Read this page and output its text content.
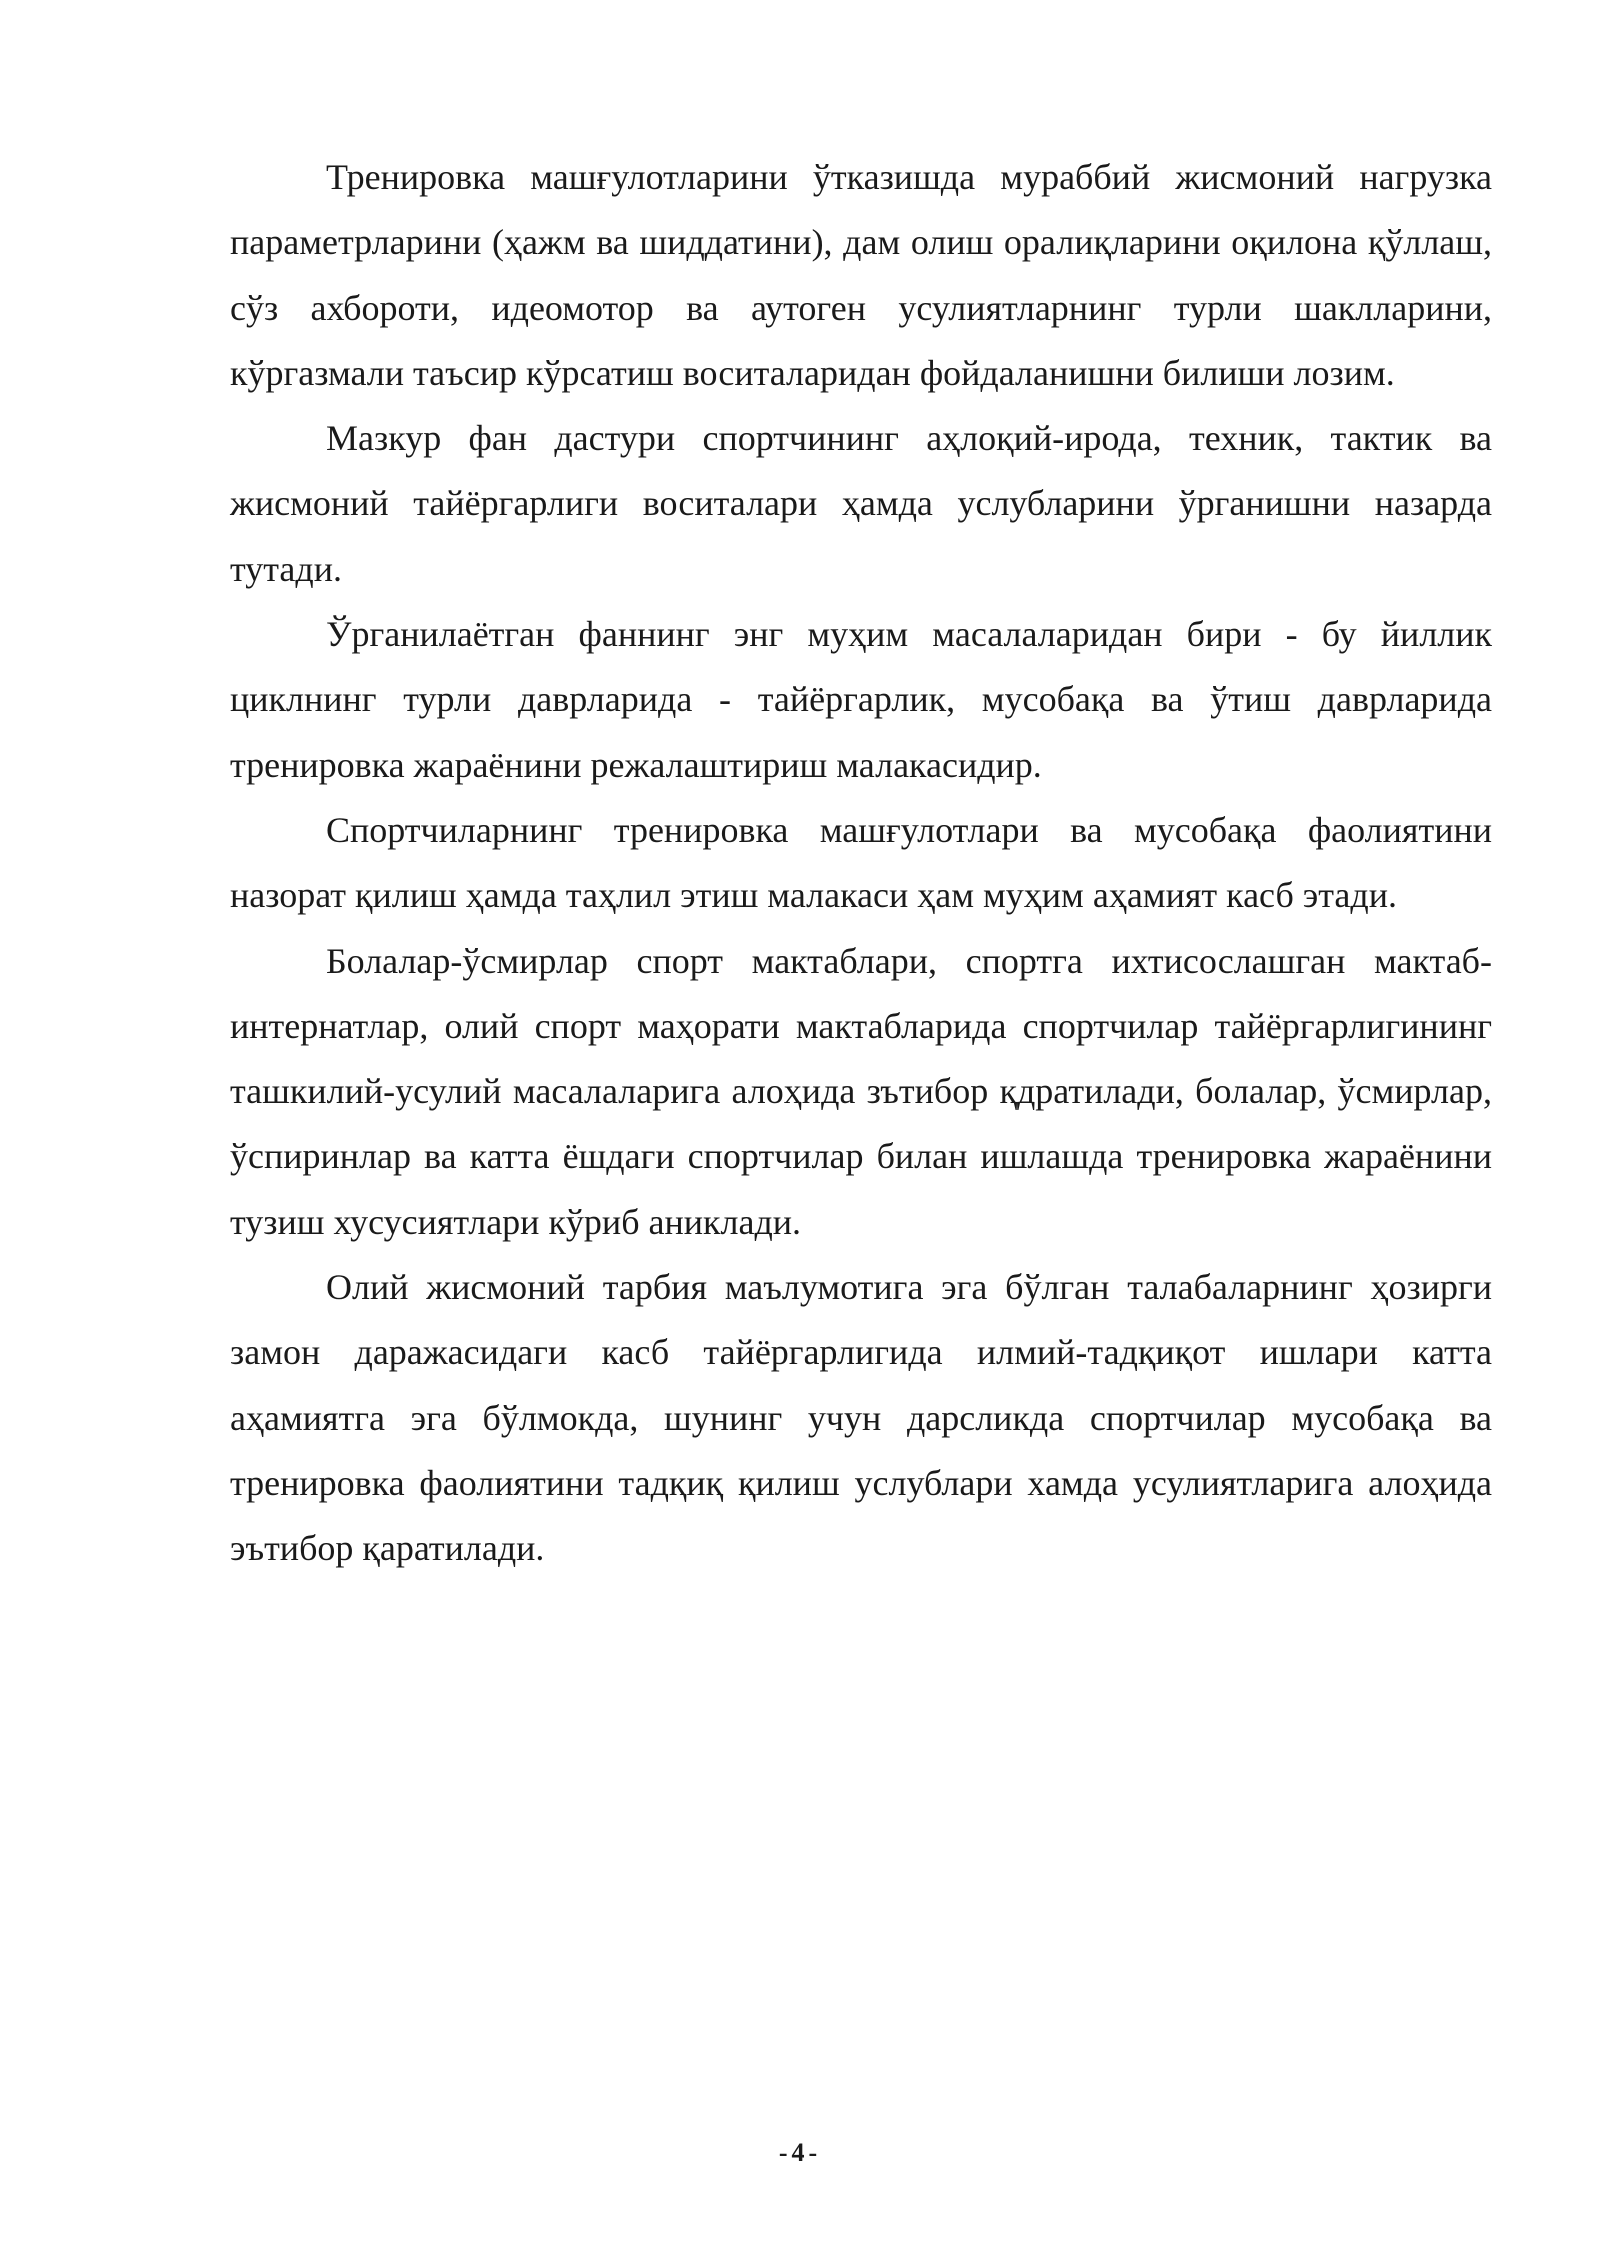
Тренировка машғулотларини ўтказишда мураббий жисмоний нагрузка параметрларини (ҳажм ва шиддатини), дам олиш оралиқларини оқилона қўллаш, сўз ахбороти, идеомотор ва аутоген усулиятларнинг турли шаклларини, кўргазмали таъсир кўрсатиш воситаларидан фойдаланишни билиши лозим.

Мазкур фан дастури спортчининг аҳлоқий-ирода, техник, тактик ва жисмоний тайёргарлиги воситалари ҳамда услубларини ўрганишни назарда тутади.

Ўрганилаётган фаннинг энг муҳим масалаларидан бири - бу йиллик циклнинг турли даврларида - тайёргарлик, мусобақа ва ўтиш даврларида тренировка жараёнини режалаштириш малакасидир.

Спортчиларнинг тренировка машғулотлари ва мусобақа фаолиятини назорат қилиш ҳамда таҳлил этиш малакаси ҳам муҳим аҳамият касб этади.

Болалар-ўсмирлар спорт мактаблари, спортга ихтисослашган мактаб-интернатлар, олий спорт маҳорати мактабларида спортчилар тайёргарлигининг ташкилий-усулий масалаларига алоҳида зътибор қдратилади, болалар, ўсмирлар, ўспиринлар ва катта ёшдаги спортчилар билан ишлашда тренировка жараёнини тузиш хусусиятлари кўриб аниклади.

Олий жисмоний тарбия маълумотига эга бўлган талабаларнинг ҳозирги замон даражасидаги касб тайёргарлигида илмий-тадқиқот ишлари катта аҳамиятга эга бўлмокда, шунинг учун дарсликда спортчилар мусобақа ва тренировка фаолиятини тадқиқ қилиш услублари хамда усулиятларига алоҳида эътибор қаратилади.

-4-
